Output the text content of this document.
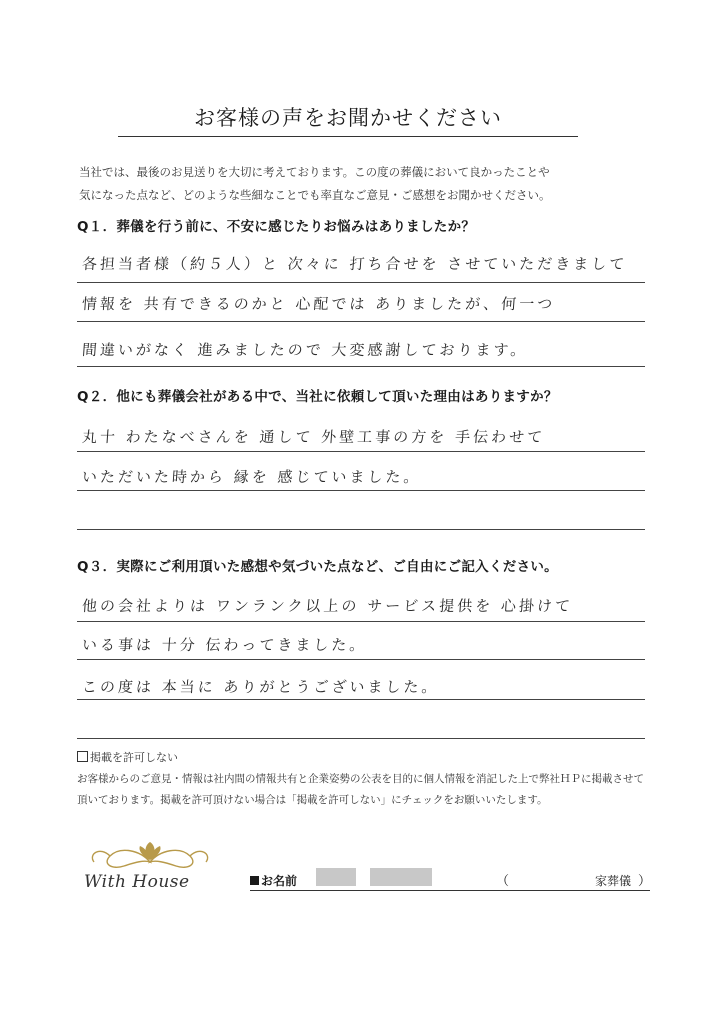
お客様の声をお聞かせください
当社では、最後のお見送りを大切に考えております。この度の葬儀において良かったことや
気になった点など、どのような些細なことでも率直なご意見・ご感想をお聞かせください。
Q１．葬儀を行う前に、不安に感じたりお悩みはありましたか？
各担当者様（約５人）と 次々に 打ち合せを させていただきまして
情報を 共有できるのかと 心配では ありましたが、何一つ
間違いがなく 進みましたので 大変感謝しております。
Q２．他にも葬儀会社がある中で、当社に依頼して頂いた理由はありますか？
丸十 わたなべさんを 通して 外壁工事の方を 手伝わせて
いただいた時から 縁を 感じていました。
Q３．実際にご利用頂いた感想や気づいた点など、ご自由にご記入ください。
他の会社よりは ワンランク以上の サービス提供を 心掛けて
いる事は 十分 伝わってきました。
この度は 本当に ありがとうございました。
掲載を許可しない
お客様からのご意見・情報は社内間の情報共有と企業姿勢の公表を目的に個人情報を消記した上で弊社ＨＰに掲載させて
頂いております。掲載を許可頂けない場合は「掲載を許可しない」にチェックをお願いいたします。
With House	お名前	（	家葬儀 ）
